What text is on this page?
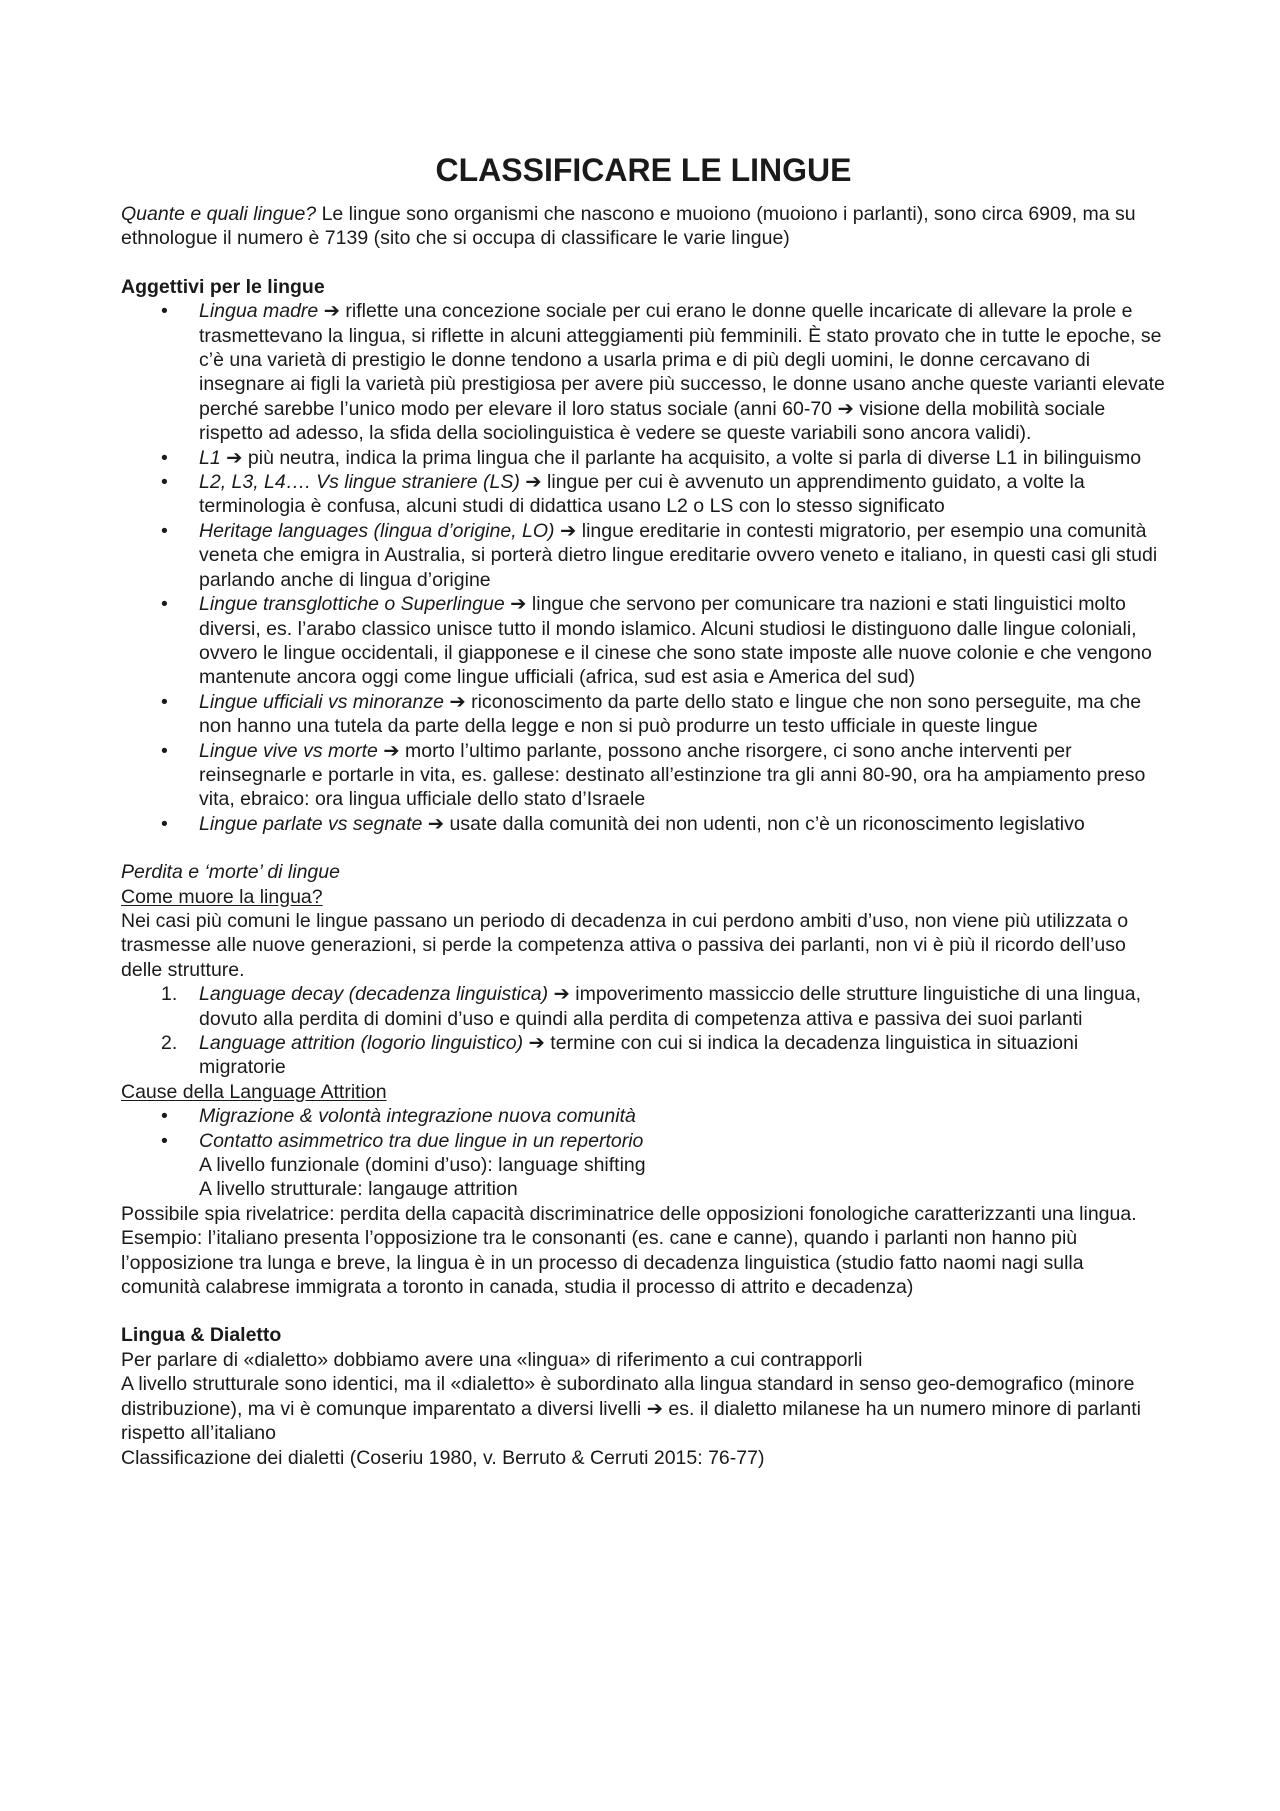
CLASSIFICARE LE LINGUE

Quante e quali lingue? Le lingue sono organismi che nascono e muoiono (muoiono i parlanti), sono circa 6909, ma su ethnologue il numero è 7139 (sito che si occupa di classificare le varie lingue)

Aggettivi per le lingue

• Lingua madre ➔ riflette una concezione sociale per cui erano le donne quelle incaricate di allevare la prole e trasmettevano la lingua, si riflette in alcuni atteggiamenti più femminili. È stato provato che in tutte le epoche, se c’è una varietà di prestigio le donne tendono a usarla prima e di più degli uomini, le donne cercavano di insegnare ai figli la varietà più prestigiosa per avere più successo, le donne usano anche queste varianti elevate perché sarebbe l’unico modo per elevare il loro status sociale (anni 60-70 ➔ visione della mobilità sociale rispetto ad adesso, la sfida della sociolinguistica è vedere se queste variabili sono ancora validi).
• L1 ➔ più neutra, indica la prima lingua che il parlante ha acquisito, a volte si parla di diverse L1 in bilinguismo
• L2, L3, L4…. Vs lingue straniere (LS) ➔ lingue per cui è avvenuto un apprendimento guidato, a volte la terminologia è confusa, alcuni studi di didattica usano L2 o LS con lo stesso significato
• Heritage languages (lingua d’origine, LO) ➔ lingue ereditarie in contesti migratorio, per esempio una comunità veneta che emigra in Australia, si porterà dietro lingue ereditarie ovvero veneto e italiano, in questi casi gli studi parlando anche di lingua d’origine
• Lingue transglottiche o Superlingue ➔ lingue che servono per comunicare tra nazioni e stati linguistici molto diversi, es. l’arabo classico unisce tutto il mondo islamico. Alcuni studiosi le distinguono dalle lingue coloniali, ovvero le lingue occidentali, il giapponese e il cinese che sono state imposte alle nuove colonie e che vengono mantenute ancora oggi come lingue ufficiali (africa, sud est asia e America del sud)
• Lingue ufficiali vs minoranze ➔ riconoscimento da parte dello stato e lingue che non sono perseguite, ma che non hanno una tutela da parte della legge e non si può produrre un testo ufficiale in queste lingue
• Lingue vive vs morte ➔ morto l’ultimo parlante, possono anche risorgere, ci sono anche interventi per reinsegnarle e portarle in vita, es. gallese: destinato all’estinzione tra gli anni 80-90, ora ha ampiamento preso vita, ebraico: ora lingua ufficiale dello stato d’Israele
• Lingue parlate vs segnate ➔ usate dalla comunità dei non udenti, non c’è un riconoscimento legislativo

Perdita e ‘morte’ di lingue

Come muore la lingua?

Nei casi più comuni le lingue passano un periodo di decadenza in cui perdono ambiti d’uso, non viene più utilizzata o trasmesse alle nuove generazioni, si perde la competenza attiva o passiva dei parlanti, non vi è più il ricordo dell’uso delle strutture.

1. Language decay (decadenza linguistica) ➔ impoverimento massiccio delle strutture linguistiche di una lingua, dovuto alla perdita di domini d’uso e quindi alla perdita di competenza attiva e passiva dei suoi parlanti
2. Language attrition (logorio linguistico) ➔ termine con cui si indica la decadenza linguistica in situazioni migratorie

Cause della Language Attrition

• Migrazione & volontà integrazione nuova comunità
• Contatto asimmetrico tra due lingue in un repertorio

A livello funzionale (domini d’uso): language shifting

A livello strutturale: langauge attrition

Possibile spia rivelatrice: perdita della capacità discriminatrice delle opposizioni fonologiche caratterizzanti una lingua. Esempio: l’italiano presenta l’opposizione tra le consonanti (es. cane e canne), quando i parlanti non hanno più l’opposizione tra lunga e breve, la lingua è in un processo di decadenza linguistica (studio fatto naomi nagi sulla comunità calabrese immigrata a toronto in canada, studia il processo di attrito e decadenza)

Lingua & Dialetto

Per parlare di «dialetto» dobbiamo avere una «lingua» di riferimento a cui contrapporli

A livello strutturale sono identici, ma il «dialetto» è subordinato alla lingua standard in senso geo-demografico (minore distribuzione), ma vi è comunque imparentato a diversi livelli ➔ es. il dialetto milanese ha un numero minore di parlanti rispetto all’italiano

Classificazione dei dialetti (Coseriu 1980, v. Berruto & Cerruti 2015: 76-77)
